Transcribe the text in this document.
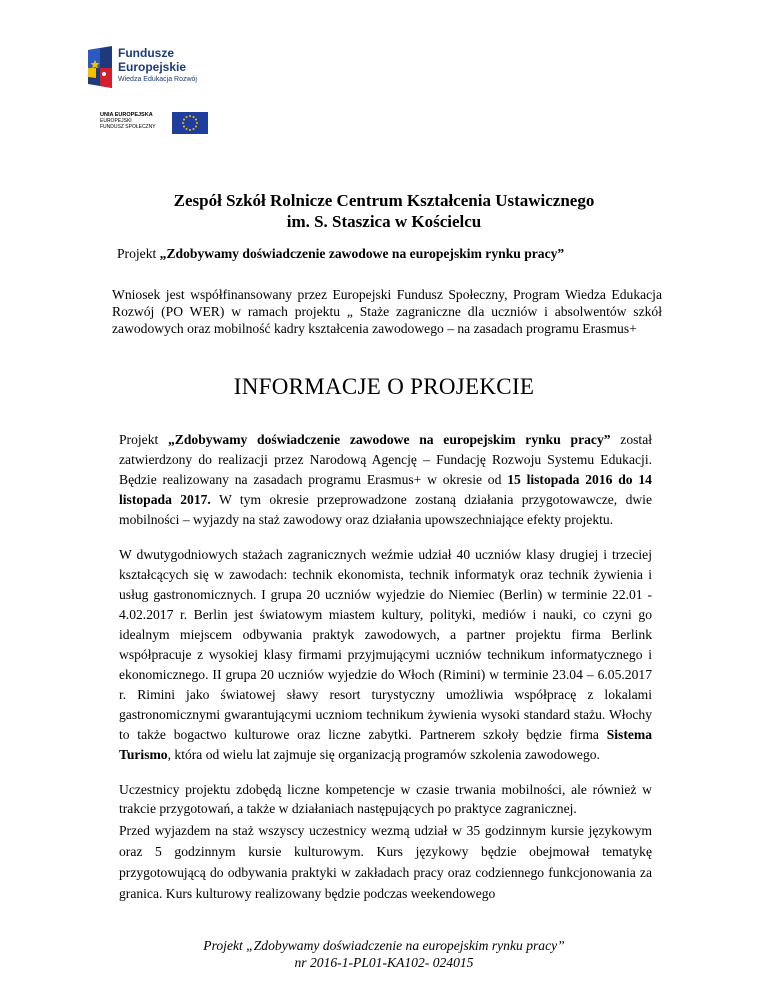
Fundusze
Europejskie
Wiedza Edukacja Rozwój
UNIA EUROPEJSKA
EUROPEJSKI
FUNDUSZ SPOŁECZNY
Zespół Szkół Rolnicze Centrum Kształcenia Ustawicznego
im. S. Staszica w Kościelcu
Projekt „Zdobywamy doświadczenie zawodowe na europejskim rynku pracy”
Wniosek jest współfinansowany przez Europejski Fundusz Społeczny, Program Wiedza Edukacja Rozwój (PO WER) w ramach projektu „ Staże zagraniczne dla uczniów i absolwentów szkół zawodowych oraz mobilność kadry kształcenia zawodowego – na zasadach programu Erasmus+
INFORMACJE O PROJEKCIE
Projekt „Zdobywamy doświadczenie zawodowe na europejskim rynku pracy” został zatwierdzony do realizacji przez Narodową Agencję – Fundację Rozwoju Systemu Edukacji. Będzie realizowany na zasadach programu Erasmus+ w okresie od 15 listopada 2016 do 14 listopada 2017. W tym okresie przeprowadzone zostaną działania przygotowawcze, dwie mobilności – wyjazdy na staż zawodowy oraz działania upowszechniające efekty projektu.
W dwutygodniowych stażach zagranicznych weźmie udział 40 uczniów klasy drugiej i trzeciej kształcących się w zawodach: technik ekonomista, technik informatyk oraz technik żywienia i usług gastronomicznych. I grupa 20 uczniów wyjedzie do Niemiec (Berlin) w terminie 22.01 - 4.02.2017 r. Berlin jest światowym miastem kultury, polityki, mediów i nauki, co czyni go idealnym miejscem odbywania praktyk zawodowych, a partner projektu firma Berlink współpracuje z wysokiej klasy firmami przyjmującymi uczniów technikum informatycznego i ekonomicznego. II grupa 20 uczniów wyjedzie do Włoch (Rimini) w terminie 23.04 – 6.05.2017 r. Rimini jako światowej sławy resort turystyczny umożliwia współpracę z lokalami gastronomicznymi gwarantującymi uczniom technikum żywienia wysoki standard stażu. Włochy to także bogactwo kulturowe oraz liczne zabytki. Partnerem szkoły będzie firma Sistema Turismo, która od wielu lat zajmuje się organizacją programów szkolenia zawodowego.
Uczestnicy projektu zdobędą liczne kompetencje w czasie trwania mobilności, ale również w trakcie przygotowań, a także w działaniach następujących po praktyce zagranicznej.
Przed wyjazdem na staż wszyscy uczestnicy wezmą udział w 35 godzinnym kursie językowym oraz 5 godzinnym kursie kulturowym. Kurs językowy będzie obejmował tematykę przygotowującą do odbywania praktyki w zakładach pracy oraz codziennego funkcjonowania za granica. Kurs kulturowy realizowany będzie podczas weekendowego
Projekt „Zdobywamy doświadczenie na europejskim rynku pracy”
nr 2016-1-PL01-KA102- 024015
